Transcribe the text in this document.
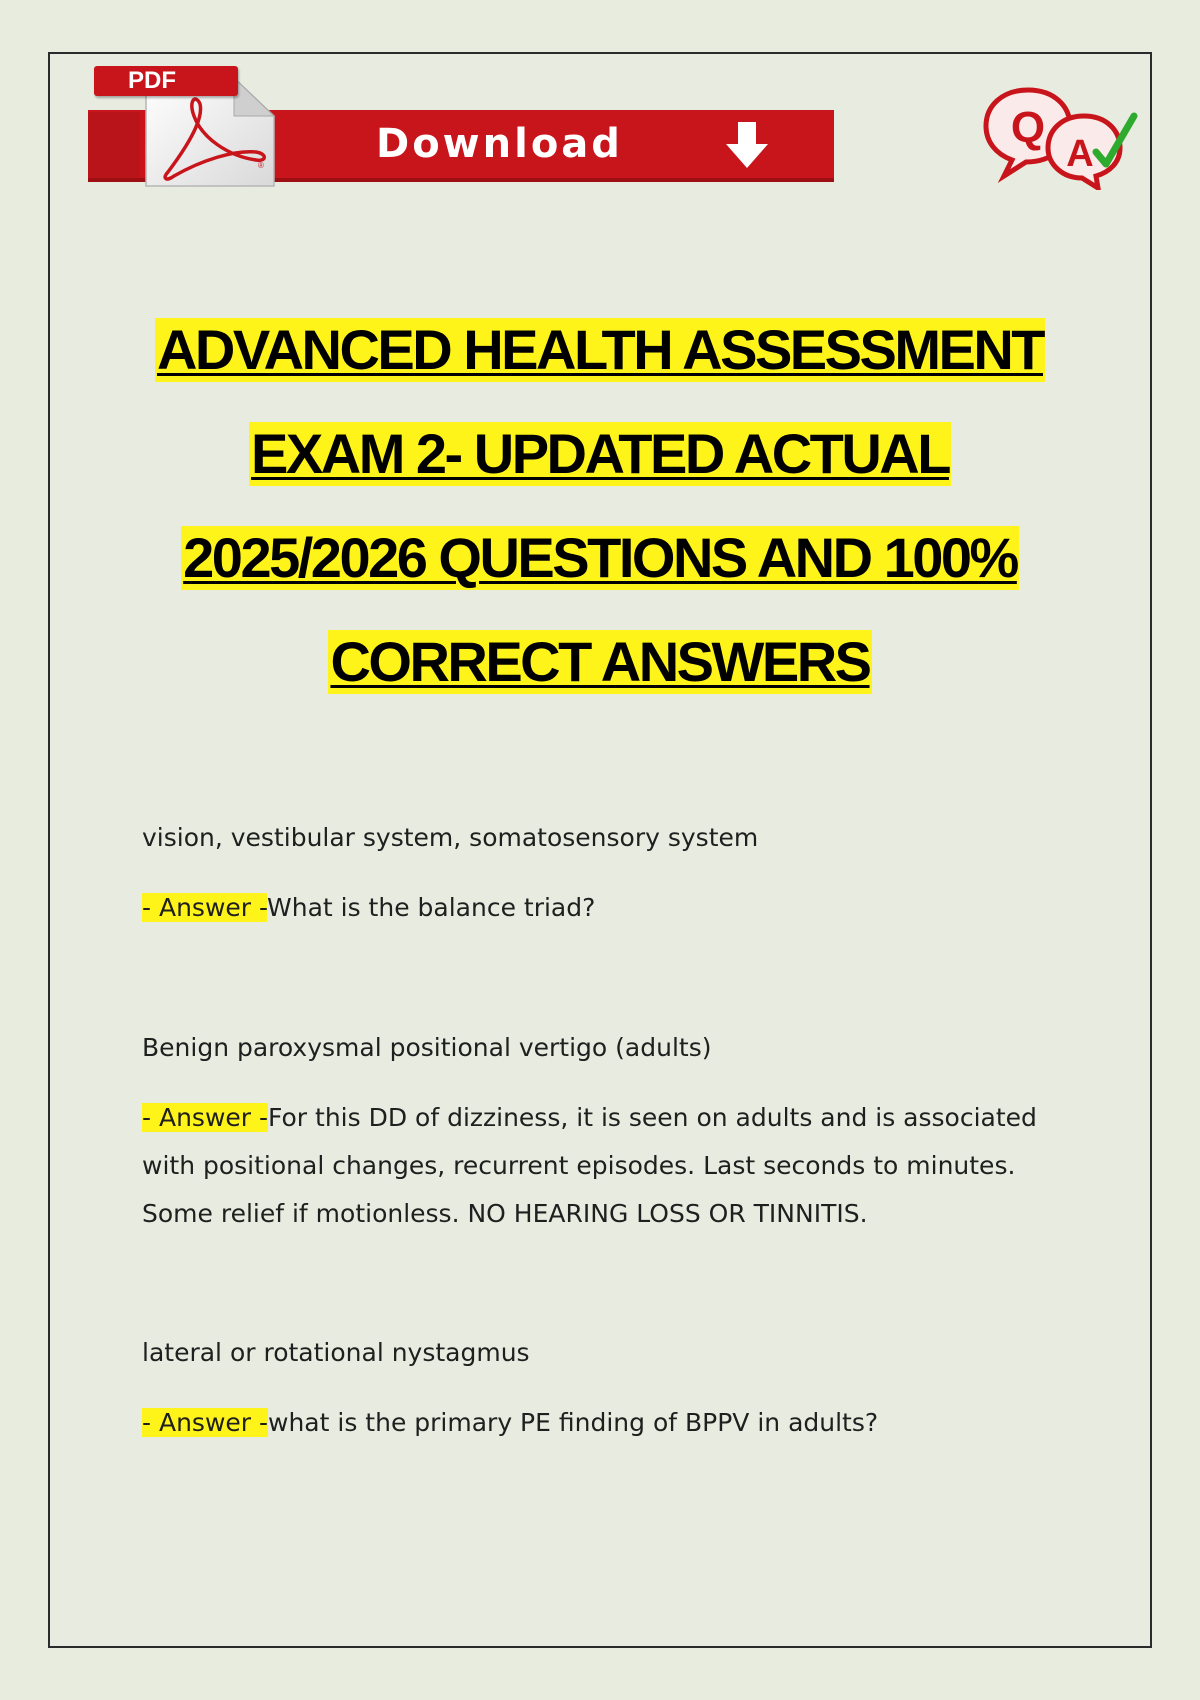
®
PDF
Download	Q
A
ADVANCED HEALTH ASSESSMENT
EXAM 2- UPDATED ACTUAL
2025/2026 QUESTIONS AND 100%
CORRECT ANSWERS

vision, vestibular system, somatosensory system

- Answer -What is the balance triad?

Benign paroxysmal positional vertigo (adults)

- Answer -For this DD of dizziness, it is seen on adults and is associated with positional changes, recurrent episodes. Last seconds to minutes. Some relief if motionless. NO HEARING LOSS OR TINNITIS.

lateral or rotational nystagmus

- Answer -what is the primary PE finding of BPPV in adults?
